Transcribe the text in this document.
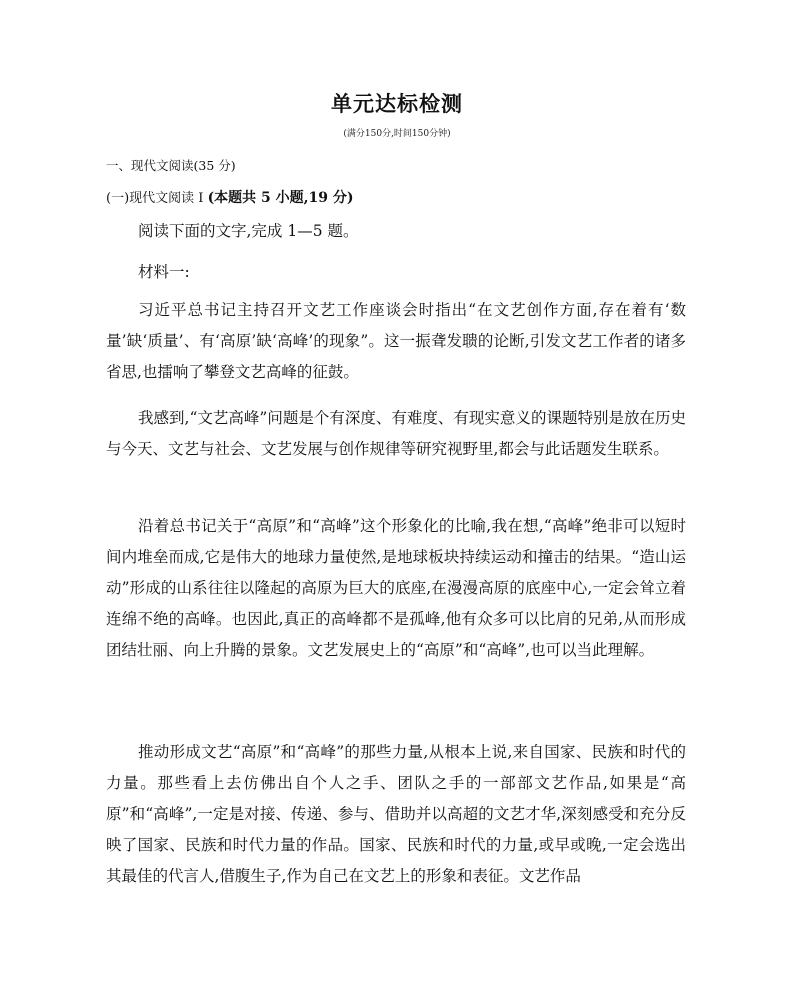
单元达标检测
(满分150分,时间150分钟)
一、现代文阅读(35 分)
(一)现代文阅读 I (本题共 5 小题,19 分)
阅读下面的文字,完成 1—5 题。
材料一:
习近平总书记主持召开文艺工作座谈会时指出“在文艺创作方面,存在着有‘数量’缺‘质量’、有‘高原’缺‘高峰’的现象”。这一振聋发聩的论断,引发文艺工作者的诸多省思,也擂响了攀登文艺高峰的征鼓。
我感到,“文艺高峰”问题是个有深度、有难度、有现实意义的课题特别是放在历史与今天、文艺与社会、文艺发展与创作规律等研究视野里,都会与此话题发生联系。
沿着总书记关于“高原”和“高峰”这个形象化的比喻,我在想,“高峰”绝非可以短时间内堆垒而成,它是伟大的地球力量使然,是地球板块持续运动和撞击的结果。“造山运动”形成的山系往往以隆起的高原为巨大的底座,在漫漫高原的底座中心,一定会耸立着连绵不绝的高峰。也因此,真正的高峰都不是孤峰,他有众多可以比肩的兄弟,从而形成团结壮丽、向上升腾的景象。文艺发展史上的“高原”和“高峰”,也可以当此理解。
推动形成文艺“高原”和“高峰”的那些力量,从根本上说,来自国家、民族和时代的力量。那些看上去仿佛出自个人之手、团队之手的一部部文艺作品,如果是“高原”和“高峰”,一定是对接、传递、参与、借助并以高超的文艺才华,深刻感受和充分反映了国家、民族和时代力量的作品。国家、民族和时代的力量,或早或晚,一定会选出其最佳的代言人,借腹生子,作为自己在文艺上的形象和表征。文艺作品
